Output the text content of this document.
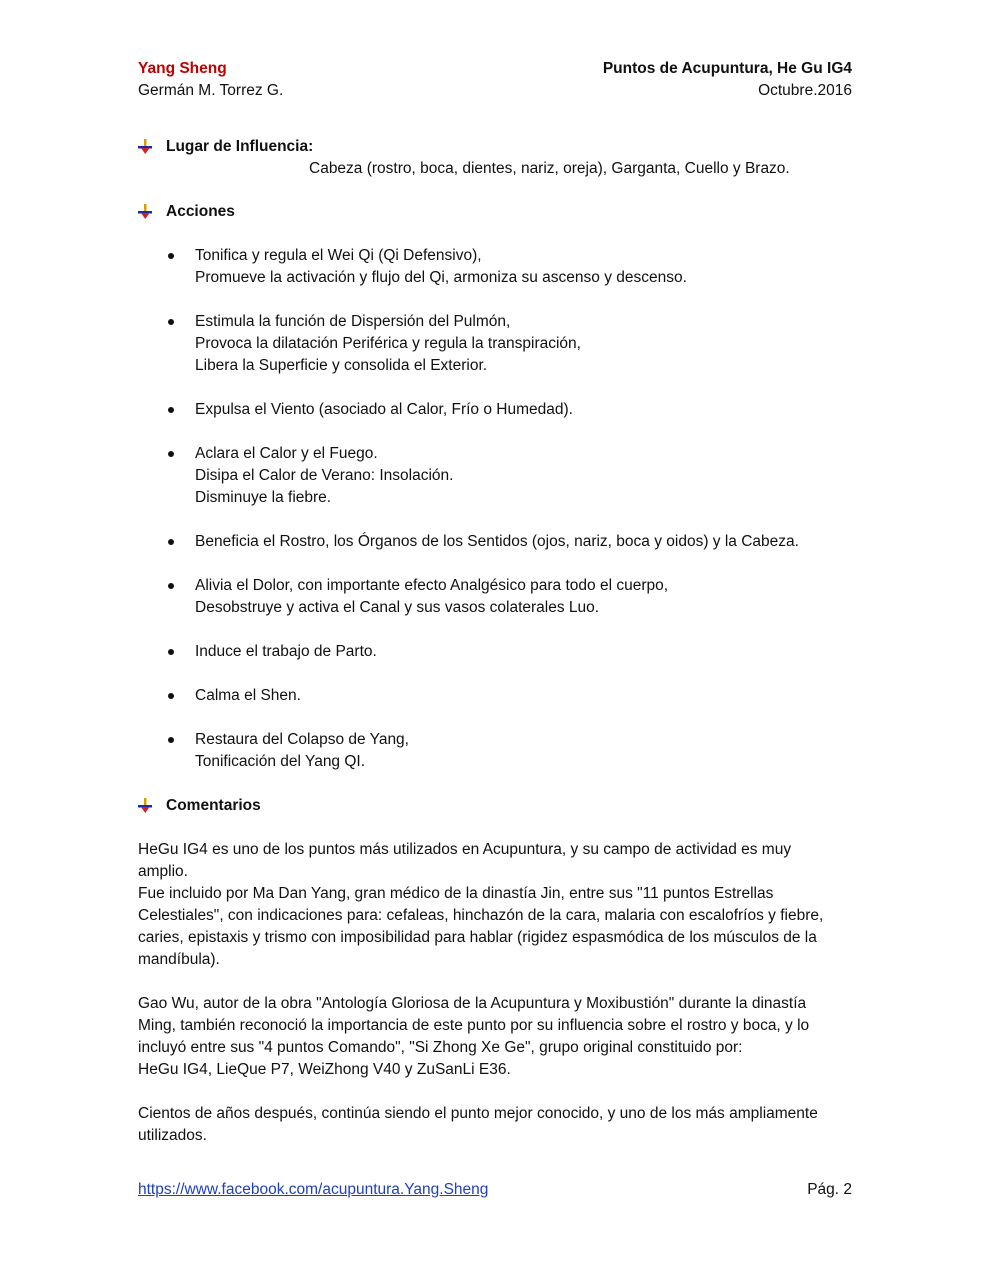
Yang Sheng	Puntos de Acupuntura, He Gu IG4
Germán M. Torrez G.	Octubre.2016
Lugar de Influencia:
Cabeza (rostro, boca, dientes, nariz, oreja), Garganta, Cuello y Brazo.
Acciones
Tonifica y regula el Wei Qi (Qi Defensivo),
Promueve la activación y flujo del Qi, armoniza su ascenso y descenso.
Estimula la función de Dispersión del Pulmón,
Provoca la dilatación Periférica y regula la transpiración,
Libera la Superficie y consolida el Exterior.
Expulsa el Viento (asociado al Calor, Frío o Humedad).
Aclara el Calor y el Fuego.
Disipa el Calor de Verano: Insolación.
Disminuye la fiebre.
Beneficia el Rostro, los Órganos de los Sentidos (ojos, nariz, boca y oidos) y la Cabeza.
Alivia el Dolor, con importante efecto Analgésico para todo el cuerpo,
Desobstruye y activa el Canal y sus vasos colaterales Luo.
Induce el trabajo de Parto.
Calma el Shen.
Restaura del Colapso de Yang,
Tonificación del Yang QI.
Comentarios

HeGu IG4 es uno de los puntos más utilizados en Acupuntura, y su campo de actividad es muy
amplio.
Fue incluido por Ma Dan Yang, gran médico de la dinastía Jin, entre sus "11 puntos Estrellas
Celestiales", con indicaciones para: cefaleas, hinchazón de la cara, malaria con escalofríos y fiebre,
caries, epistaxis y trismo con imposibilidad para hablar (rigidez espasmódica de los músculos de la
mandíbula).

Gao Wu, autor de la obra "Antología Gloriosa de la Acupuntura y Moxibustión" durante la dinastía
Ming, también reconoció la importancia de este punto por su influencia sobre el rostro y boca, y lo
incluyó entre sus "4 puntos Comando", "Si Zhong Xe Ge", grupo original constituido por:
HeGu IG4, LieQue P7, WeiZhong V40 y ZuSanLi E36.

Cientos de años después, continúa siendo el punto mejor conocido, y uno de los más ampliamente
utilizados.

https://www.facebook.com/acupuntura.Yang.Sheng	Pág. 2
